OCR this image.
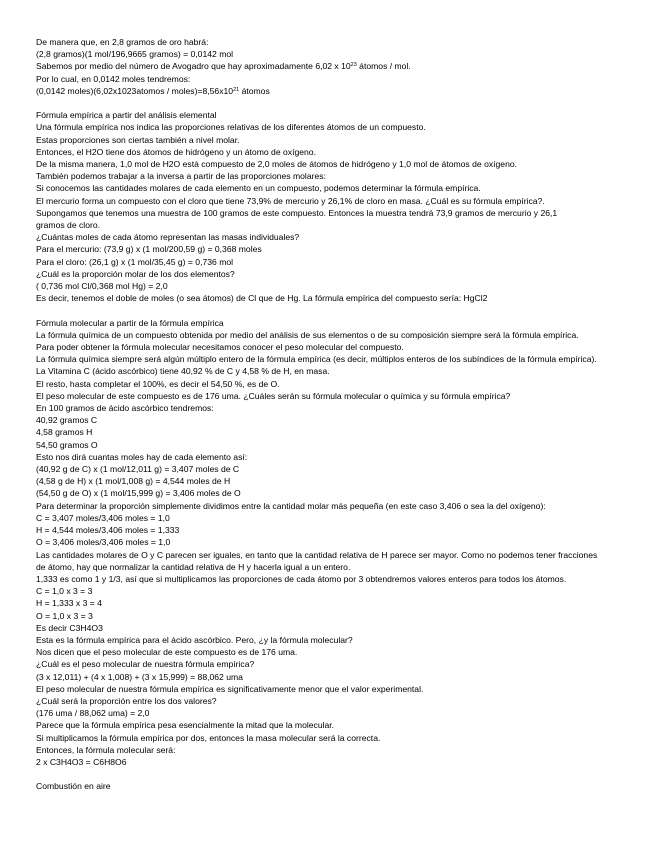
De manera que, en 2,8 gramos de oro habrá:
(2,8 gramos)(1 mol/196,9665 gramos) = 0,0142 mol
Sabemos por medio del número de Avogadro que hay aproximadamente 6,02 x $10^{23}$ átomos / mol.
Por lo cual, en 0,0142 moles tendremos:
(0,0142 moles)(6,02x1023atomos / $moles)=8,56x10^{21}$ átomos
Fórmula empírica a partir del análisis elemental
Una fórmula empírica nos indica las proporciones relativas de los diferentes átomos de un compuesto.
Estas proporciones son ciertas también a nivel molar.
Entonces, el H2O tiene dos átomos de hidrógeno y un átomo de oxígeno.
De la misma manera, 1,0 mol de H2O está compuesto de 2,0 moles de átomos de hidrógeno y 1,0 mol de átomos de oxígeno.
También podemos trabajar a la inversa a partir de las proporciones molares:
Si conocemos las cantidades molares de cada elemento en un compuesto, podemos determinar la fórmula empírica.
El mercurio forma un compuesto con el cloro que tiene 73,9% de mercurio y 26,1% de cloro en masa. ¿Cuál es su fórmula empírica?.
Supongamos que tenemos una muestra de 100 gramos de este compuesto. Entonces la muestra tendrá 73,9 gramos de mercurio y 26,1
gramos de cloro.
¿Cuántas moles de cada átomo representan las masas individuales?
Para el mercurio: (73,9 g) x (1 mol/200,59 g) = 0,368 moles
Para el cloro: (26,1 g) x (1 mol/35,45 g) = 0,736 mol
¿Cuál es la proporción molar de los dos elementos?
( 0,736 mol Cl/0,368 mol Hg) = 2,0
Es decir, tenemos el doble de moles (o sea átomos) de Cl que de Hg. La fórmula empírica del compuesto sería: HgCl2
Fórmula molecular a partir de la fórmula empírica
La fórmula química de un compuesto obtenida por medio del análisis de sus elementos o de su composición siempre será la fórmula empírica.
Para poder obtener la fórmula molecular necesitamos conocer el peso molecular del compuesto.
La fórmula química siempre será algún múltiplo entero de la fórmula empírica (es decir, múltiplos enteros de los subíndices de la fórmula empírica).
La Vitamina C (ácido ascórbico) tiene 40,92 % de C y 4,58 % de H, en masa.
El resto, hasta completar el 100%, es decir el 54,50 %, es de O.
El peso molecular de este compuesto es de 176 uma. ¿Cuáles serán su fórmula molecular o química y su fórmula empírica?
En 100 gramos de ácido ascórbico tendremos:
40,92 gramos C
4,58 gramos H
54,50 gramos O
Esto nos dirá cuantas moles hay de cada elemento así:
(40,92 g de C) x (1 mol/12,011 g) = 3,407 moles de C
(4,58 g de H) x (1 mol/1,008 g) = 4,544 moles de H
(54,50 g de O) x (1 mol/15,999 g) = 3,406 moles de O
Para determinar la proporción simplemente dividimos entre la cantidad molar más pequeña (en este caso 3,406 o sea la del oxígeno):
C = 3,407 moles/3,406 moles = 1,0
H = 4,544 moles/3,406 moles = 1,333
O = 3,406 moles/3,406 moles = 1,0
Las cantidades molares de O y C parecen ser iguales, en tanto que la cantidad relativa de H parece ser mayor. Como no podemos tener fracciones
de átomo, hay que normalizar la cantidad relativa de H y hacerla igual a un entero.
1,333 es como 1 y 1/3, así que si multiplicamos las proporciones de cada átomo por 3 obtendremos valores enteros para todos los átomos.
C = 1,0 x 3 = 3
H = 1,333 x 3 = 4
O = 1,0 x 3 = 3
Es decir C3H4O3
Esta es la fórmula empírica para el ácido ascórbico. Pero, ¿y la fórmula molecular?
Nos dicen que el peso molecular de este compuesto es de 176 uma.
¿Cuál es el peso molecular de nuestra fórmula empírica?
(3 x 12,011) + (4 x 1,008) + (3 x 15,999) = 88,062 uma
El peso molecular de nuestra fórmula empírica es significativamente menor que el valor experimental.
¿Cuál será la proporción entre los dos valores?
(176 uma / 88,062 uma) = 2,0
Parece que la fórmula empírica pesa esencialmente la mitad que la molecular.
Si multiplicamos la fórmula empírica por dos, entonces la masa molecular será la correcta.
Entonces, la fórmula molecular será:
2 x C3H4O3 = C6H8O6
Combustión en aire
